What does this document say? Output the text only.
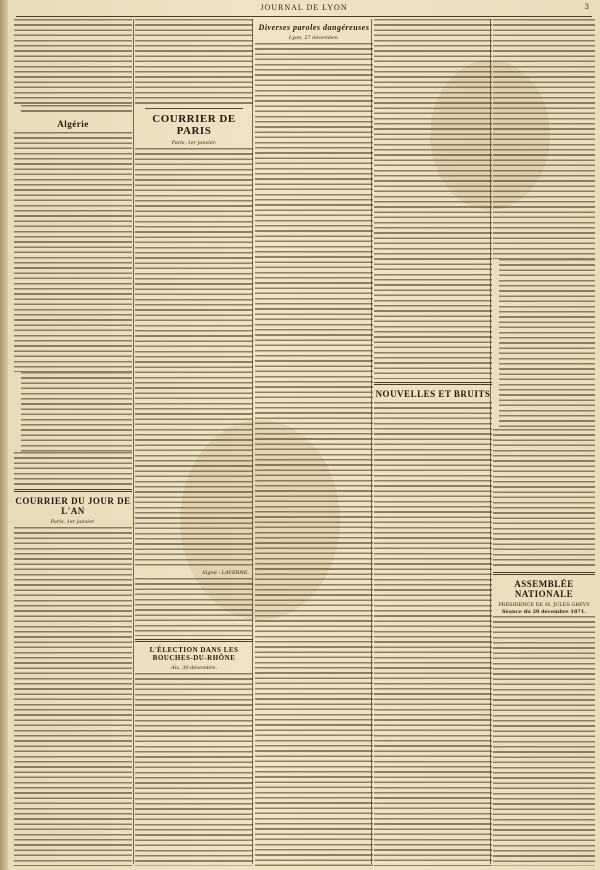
JOURNAL DE LYON	3
Algérie
COURRIER DU JOUR DE L'AN
Paris, 1er janvier.
COURRIER DE PARIS
Paris, 1er janvier.
Signé : LAVERNE.
L'ÉLECTION DANS LES BOUCHES-DU-RHÔNE
Aix, 30 décembre.
Diverses paroles dangéreuses
Lyon, 27 décembre.
NOUVELLES ET BRUITS
ASSEMBLÉE NATIONALE
PRÉSIDENCE DE M. JULES GRÉVY
Séance du 29 décembre 1871.
